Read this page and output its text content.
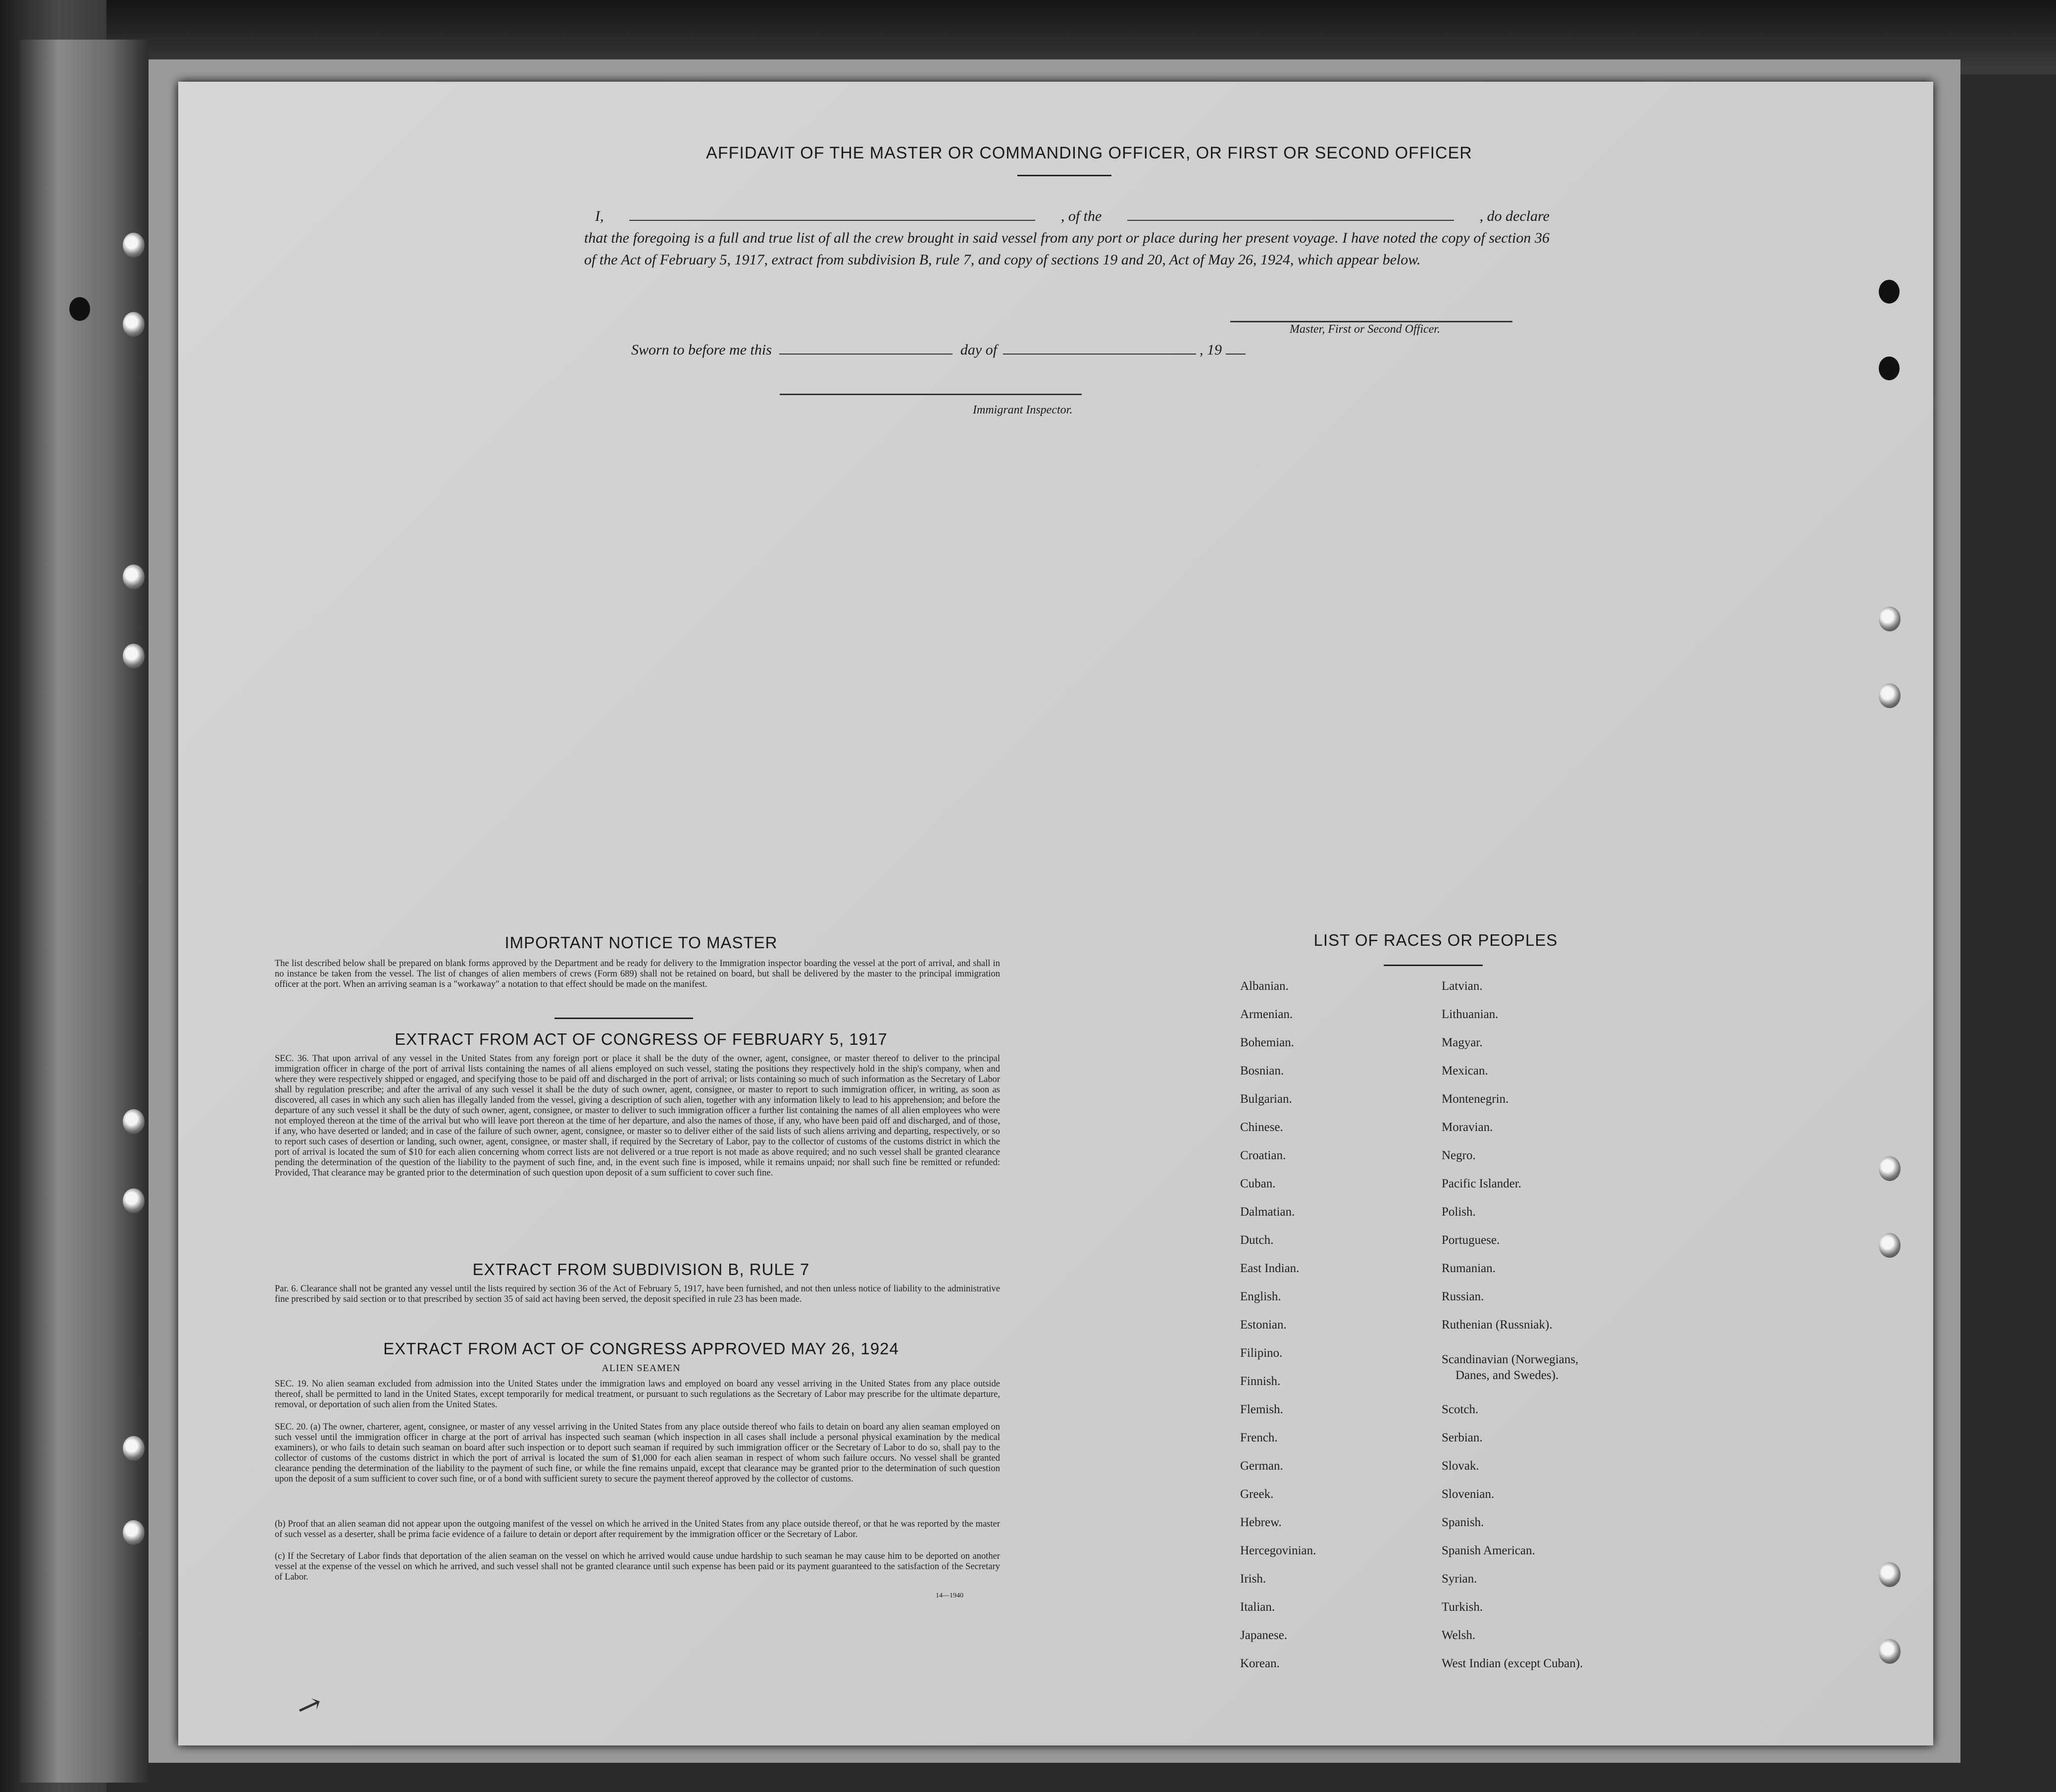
AFFIDAVIT OF THE MASTER OR COMMANDING OFFICER, OR FIRST OR SECOND OFFICER
I,	, of the	, do declare
that the foregoing is a full and true list of all the crew brought in said vessel from any port or place during her present voyage. I have noted the copy of section 36 of the Act of February 5, 1917, extract from subdivision B, rule 7, and copy of sections 19 and 20, Act of May 26, 1924, which appear below.
Master, First or Second Officer.
Sworn to before me this	day of	, 19
Immigrant Inspector.
IMPORTANT NOTICE TO MASTER
The list described below shall be prepared on blank forms approved by the Department and be ready for delivery to the Immigration inspector boarding the vessel at the port of arrival, and shall in no instance be taken from the vessel. The list of changes of alien members of crews (Form 689) shall not be retained on board, but shall be delivered by the master to the principal immigration officer at the port. When an arriving seaman is a "workaway" a notation to that effect should be made on the manifest.
EXTRACT FROM ACT OF CONGRESS OF FEBRUARY 5, 1917
SEC. 36. That upon arrival of any vessel in the United States from any foreign port or place it shall be the duty of the owner, agent, consignee, or master thereof to deliver to the principal immigration officer in charge of the port of arrival lists containing the names of all aliens employed on such vessel, stating the positions they respectively hold in the ship's company, when and where they were respectively shipped or engaged, and specifying those to be paid off and discharged in the port of arrival; or lists containing so much of such information as the Secretary of Labor shall by regulation prescribe; and after the arrival of any such vessel it shall be the duty of such owner, agent, consignee, or master to report to such immigration officer, in writing, as soon as discovered, all cases in which any such alien has illegally landed from the vessel, giving a description of such alien, together with any information likely to lead to his apprehension; and before the departure of any such vessel it shall be the duty of such owner, agent, consignee, or master to deliver to such immigration officer a further list containing the names of all alien employees who were not employed thereon at the time of the arrival but who will leave port thereon at the time of her departure, and also the names of those, if any, who have been paid off and discharged, and of those, if any, who have deserted or landed; and in case of the failure of such owner, agent, consignee, or master so to deliver either of the said lists of such aliens arriving and departing, respectively, or so to report such cases of desertion or landing, such owner, agent, consignee, or master shall, if required by the Secretary of Labor, pay to the collector of customs of the customs district in which the port of arrival is located the sum of $10 for each alien concerning whom correct lists are not delivered or a true report is not made as above required; and no such vessel shall be granted clearance pending the determination of the question of the liability to the payment of such fine, and, in the event such fine is imposed, while it remains unpaid; nor shall such fine be remitted or refunded: Provided, That clearance may be granted prior to the determination of such question upon deposit of a sum sufficient to cover such fine.
EXTRACT FROM SUBDIVISION B, RULE 7
Par. 6. Clearance shall not be granted any vessel until the lists required by section 36 of the Act of February 5, 1917, have been furnished, and not then unless notice of liability to the administrative fine prescribed by said section or to that prescribed by section 35 of said act having been served, the deposit specified in rule 23 has been made.
EXTRACT FROM ACT OF CONGRESS APPROVED MAY 26, 1924
ALIEN SEAMEN
SEC. 19. No alien seaman excluded from admission into the United States under the immigration laws and employed on board any vessel arriving in the United States from any place outside thereof, shall be permitted to land in the United States, except temporarily for medical treatment, or pursuant to such regulations as the Secretary of Labor may prescribe for the ultimate departure, removal, or deportation of such alien from the United States.
SEC. 20. (a) The owner, charterer, agent, consignee, or master of any vessel arriving in the United States from any place outside thereof who fails to detain on board any alien seaman employed on such vessel until the immigration officer in charge at the port of arrival has inspected such seaman (which inspection in all cases shall include a personal physical examination by the medical examiners), or who fails to detain such seaman on board after such inspection or to deport such seaman if required by such immigration officer or the Secretary of Labor to do so, shall pay to the collector of customs of the customs district in which the port of arrival is located the sum of $1,000 for each alien seaman in respect of whom such failure occurs. No vessel shall be granted clearance pending the determination of the liability to the payment of such fine, or while the fine remains unpaid, except that clearance may be granted prior to the determination of such question upon the deposit of a sum sufficient to cover such fine, or of a bond with sufficient surety to secure the payment thereof approved by the collector of customs.
(b) Proof that an alien seaman did not appear upon the outgoing manifest of the vessel on which he arrived in the United States from any place outside thereof, or that he was reported by the master of such vessel as a deserter, shall be prima facie evidence of a failure to detain or deport after requirement by the immigration officer or the Secretary of Labor.
(c) If the Secretary of Labor finds that deportation of the alien seaman on the vessel on which he arrived would cause undue hardship to such seaman he may cause him to be deported on another vessel at the expense of the vessel on which he arrived, and such vessel shall not be granted clearance until such expense has been paid or its payment guaranteed to the satisfaction of the Secretary of Labor.
14—1940
LIST OF RACES OR PEOPLES
Albanian.
Armenian.
Bohemian.
Bosnian.
Bulgarian.
Chinese.
Croatian.
Cuban.
Dalmatian.
Dutch.
East Indian.
English.
Estonian.
Filipino.
Finnish.
Flemish.
French.
German.
Greek.
Hebrew.
Hercegovinian.
Irish.
Italian.
Japanese.
Korean.
Latvian.
Lithuanian.
Magyar.
Mexican.
Montenegrin.
Moravian.
Negro.
Pacific Islander.
Polish.
Portuguese.
Rumanian.
Russian.
Ruthenian (Russniak).
Scandinavian (Norwegians,
Danes, and Swedes).
Scotch.
Serbian.
Slovak.
Slovenian.
Spanish.
Spanish American.
Syrian.
Turkish.
Welsh.
West Indian (except Cuban).
↗
